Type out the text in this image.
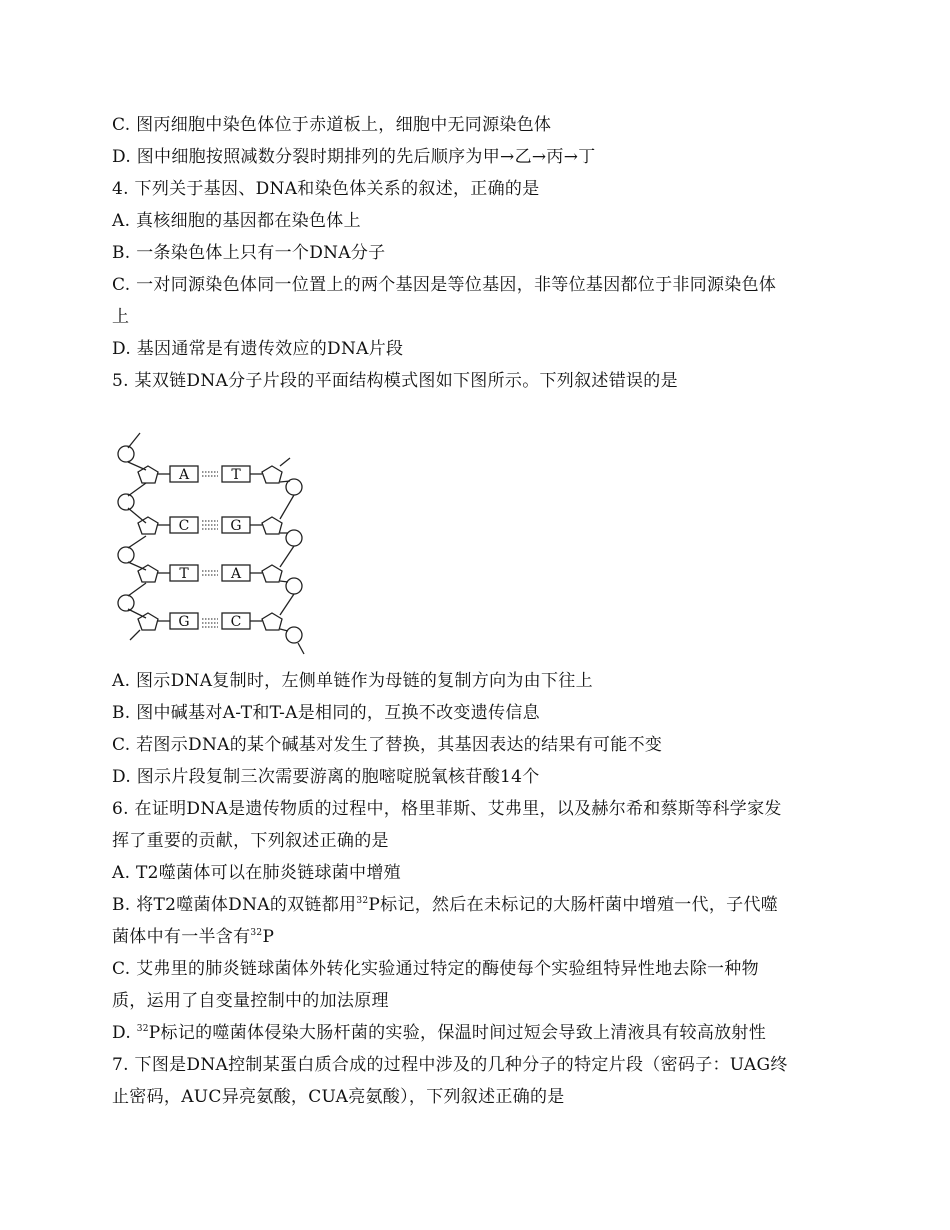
C. 图丙细胞中染色体位于赤道板上，细胞中无同源染色体
D. 图中细胞按照减数分裂时期排列的先后顺序为甲→乙→丙→丁
4. 下列关于基因、DNA和染色体关系的叙述，正确的是
A. 真核细胞的基因都在染色体上
B. 一条染色体上只有一个DNA分子
C. 一对同源染色体同一位置上的两个基因是等位基因，非等位基因都位于非同源染色体
上
D. 基因通常是有遗传效应的DNA片段
5. 某双链DNA分子片段的平面结构模式图如下图所示。下列叙述错误的是
A
C
T
G
T
G
A
C
A. 图示DNA复制时，左侧单链作为母链的复制方向为由下往上
B. 图中碱基对A-T和T-A是相同的，互换不改变遗传信息
C. 若图示DNA的某个碱基对发生了替换，其基因表达的结果有可能不变
D. 图示片段复制三次需要游离的胞嘧啶脱氧核苷酸14个
6. 在证明DNA是遗传物质的过程中，格里菲斯、艾弗里，以及赫尔希和蔡斯等科学家发
挥了重要的贡献，下列叙述正确的是
A. T2噬菌体可以在肺炎链球菌中增殖
B. 将T2噬菌体DNA的双链都用$^{32}$P标记，然后在未标记的大肠杆菌中增殖一代，子代噬
菌体中有一半含有$^{32}$P
C. 艾弗里的肺炎链球菌体外转化实验通过特定的酶使每个实验组特异性地去除一种物
质，运用了自变量控制中的加法原理
D. $^{32}$P标记的噬菌体侵染大肠杆菌的实验，保温时间过短会导致上清液具有较高放射性
7. 下图是DNA控制某蛋白质合成的过程中涉及的几种分子的特定片段（密码子：UAG终
止密码，AUC异亮氨酸，CUA亮氨酸），下列叙述正确的是
